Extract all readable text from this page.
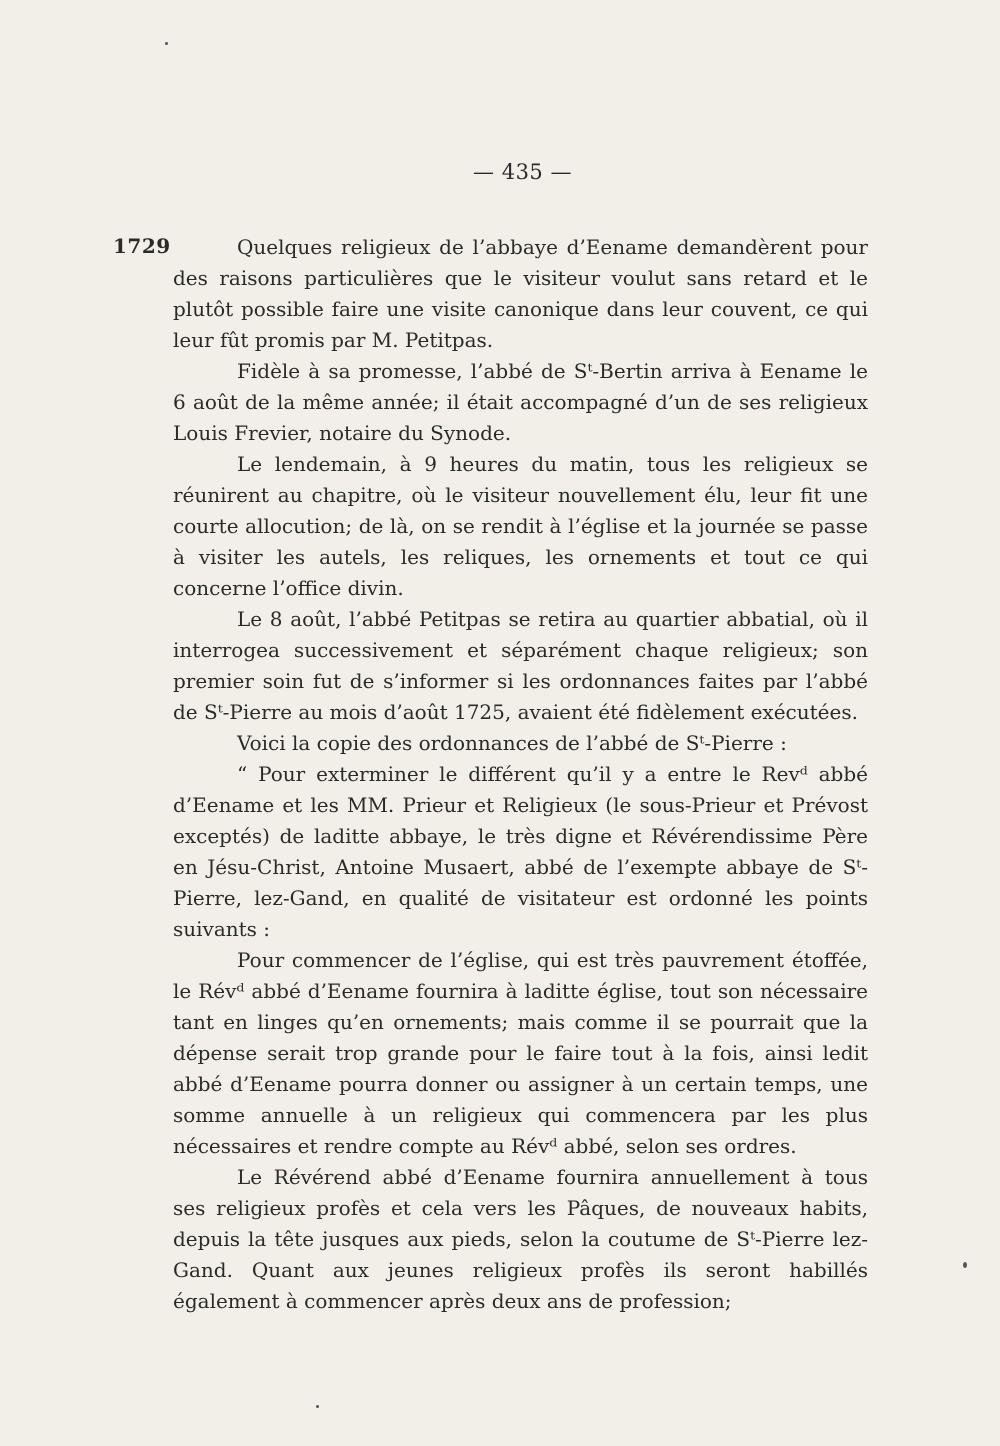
— 435 —
1729	Quelques religieux de l’abbaye d’Eename demandèrent pour des raisons particulières que le visiteur voulut sans retard et le plutôt possible faire une visite canonique dans leur couvent, ce qui leur fût promis par M. Petitpas.

Fidèle à sa promesse, l’abbé de Sᵗ-Bertin arriva à Eename le 6 août de la même année; il était accompagné d’un de ses religieux Louis Frevier, notaire du Synode.

Le lendemain, à 9 heures du matin, tous les religieux se réunirent au chapitre, où le visiteur nouvellement élu, leur fit une courte allocution; de là, on se rendit à l’église et la journée se passe à visiter les autels, les reliques, les ornements et tout ce qui concerne l’office divin.

Le 8 août, l’abbé Petitpas se retira au quartier abbatial, où il interrogea successivement et séparément chaque religieux; son premier soin fut de s’informer si les ordonnances faites par l’abbé de Sᵗ-Pierre au mois d’août 1725, avaient été fidèlement exécutées.

Voici la copie des ordonnances de l’abbé de Sᵗ-Pierre :

“ Pour exterminer le différent qu’il y a entre le Revᵈ abbé d’Eename et les MM. Prieur et Religieux (le sous-Prieur et Prévost exceptés) de laditte abbaye, le très digne et Révérendissime Père en Jésu-Christ, Antoine Musaert, abbé de l’exempte abbaye de Sᵗ-Pierre, lez-Gand, en qualité de visitateur est ordonné les points suivants :

Pour commencer de l’église, qui est très pauvrement étoffée, le Révᵈ abbé d’Eename fournira à laditte église, tout son nécessaire tant en linges qu’en ornements; mais comme il se pourrait que la dépense serait trop grande pour le faire tout à la fois, ainsi ledit abbé d’Eename pourra donner ou assigner à un certain temps, une somme annuelle à un religieux qui commencera par les plus nécessaires et rendre compte au Révᵈ abbé, selon ses ordres.

Le Révérend abbé d’Eename fournira annuellement à tous ses religieux profès et cela vers les Pâques, de nouveaux habits, depuis la tête jusques aux pieds, selon la coutume de Sᵗ-Pierre lez-Gand. Quant aux jeunes religieux profès ils seront habillés également à commencer après deux ans de profession;
